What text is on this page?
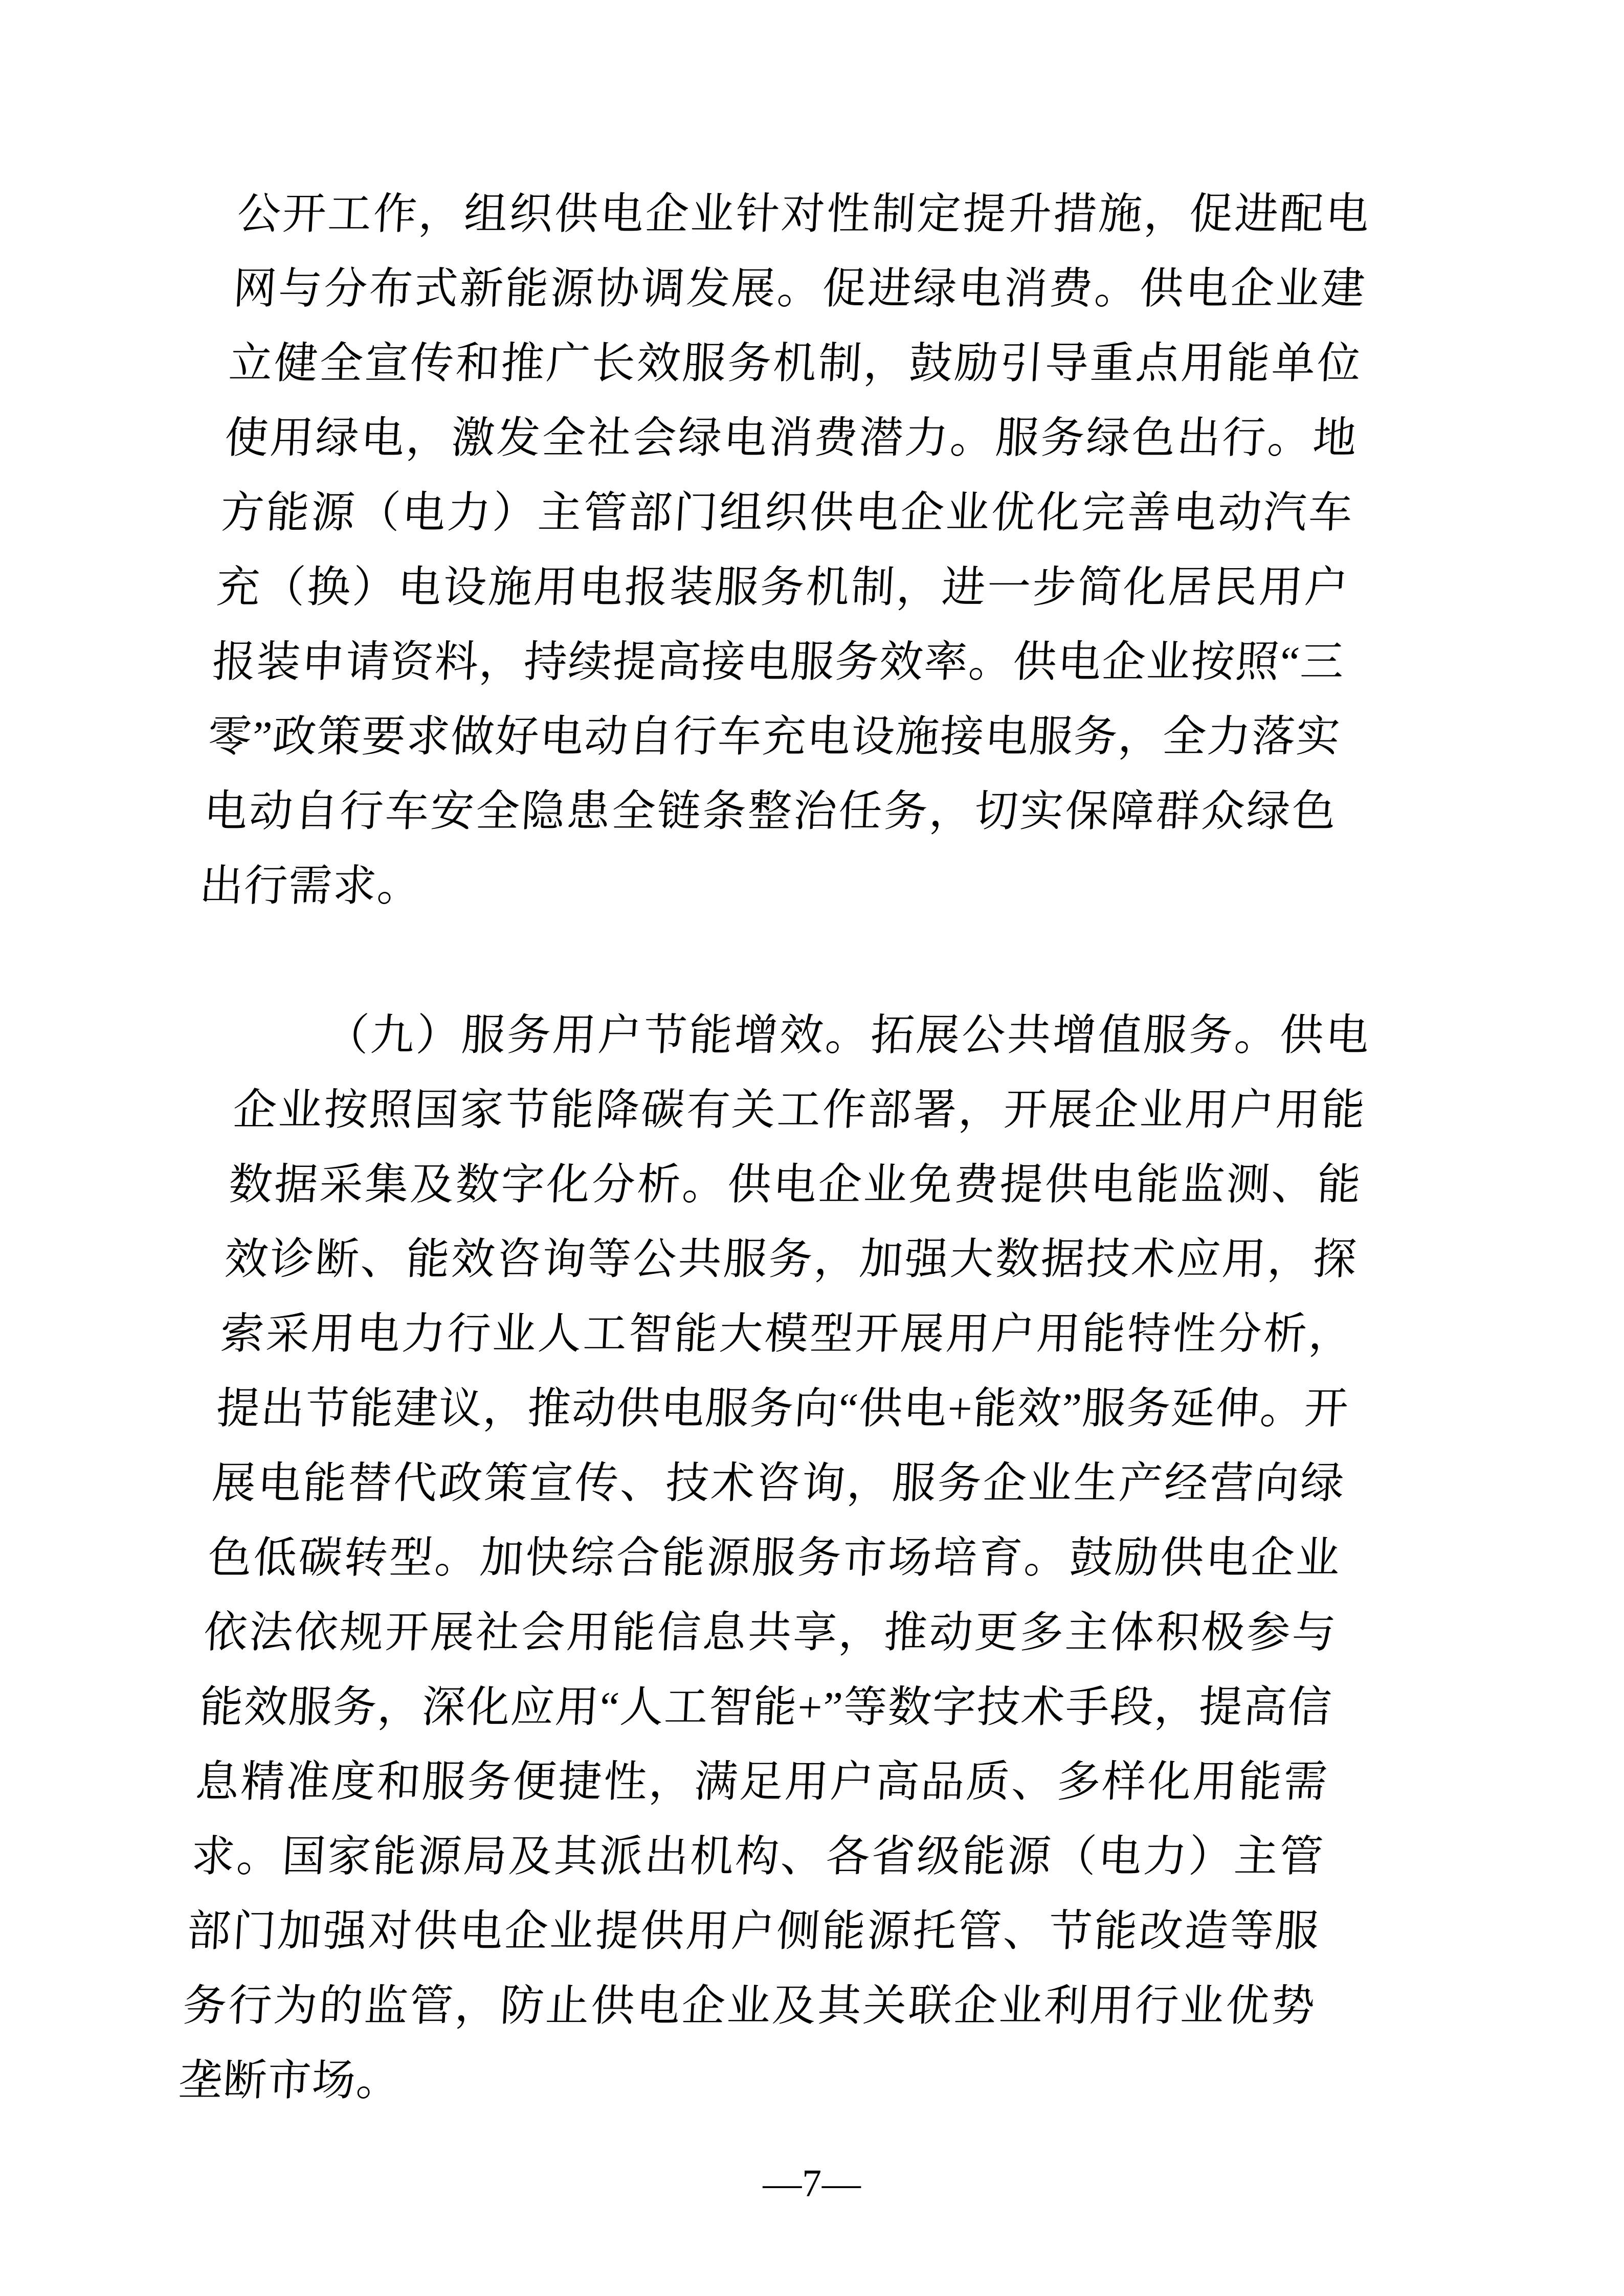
公开工作，组织供电企业针对性制定提升措施，促进配电网与分布式新能源协调发展。促进绿电消费。供电企业建立健全宣传和推广长效服务机制，鼓励引导重点用能单位使用绿电，激发全社会绿电消费潜力。服务绿色出行。地方能源（电力）主管部门组织供电企业优化完善电动汽车充（换）电设施用电报装服务机制，进一步简化居民用户报装申请资料，持续提高接电服务效率。供电企业按照“三零”政策要求做好电动自行车充电设施接电服务，全力落实电动自行车安全隐患全链条整治任务，切实保障群众绿色出行需求。

（九）服务用户节能增效。拓展公共增值服务。供电企业按照国家节能降碳有关工作部署，开展企业用户用能数据采集及数字化分析。供电企业免费提供电能监测、能效诊断、能效咨询等公共服务，加强大数据技术应用，探索采用电力行业人工智能大模型开展用户用能特性分析，提出节能建议，推动供电服务向“供电+能效”服务延伸。开展电能替代政策宣传、技术咨询，服务企业生产经营向绿色低碳转型。加快综合能源服务市场培育。鼓励供电企业依法依规开展社会用能信息共享，推动更多主体积极参与能效服务，深化应用“人工智能+”等数字技术手段，提高信息精准度和服务便捷性，满足用户高品质、多样化用能需求。国家能源局及其派出机构、各省级能源（电力）主管部门加强对供电企业提供用户侧能源托管、节能改造等服务行为的监管，防止供电企业及其关联企业利用行业优势垄断市场。

—7—
